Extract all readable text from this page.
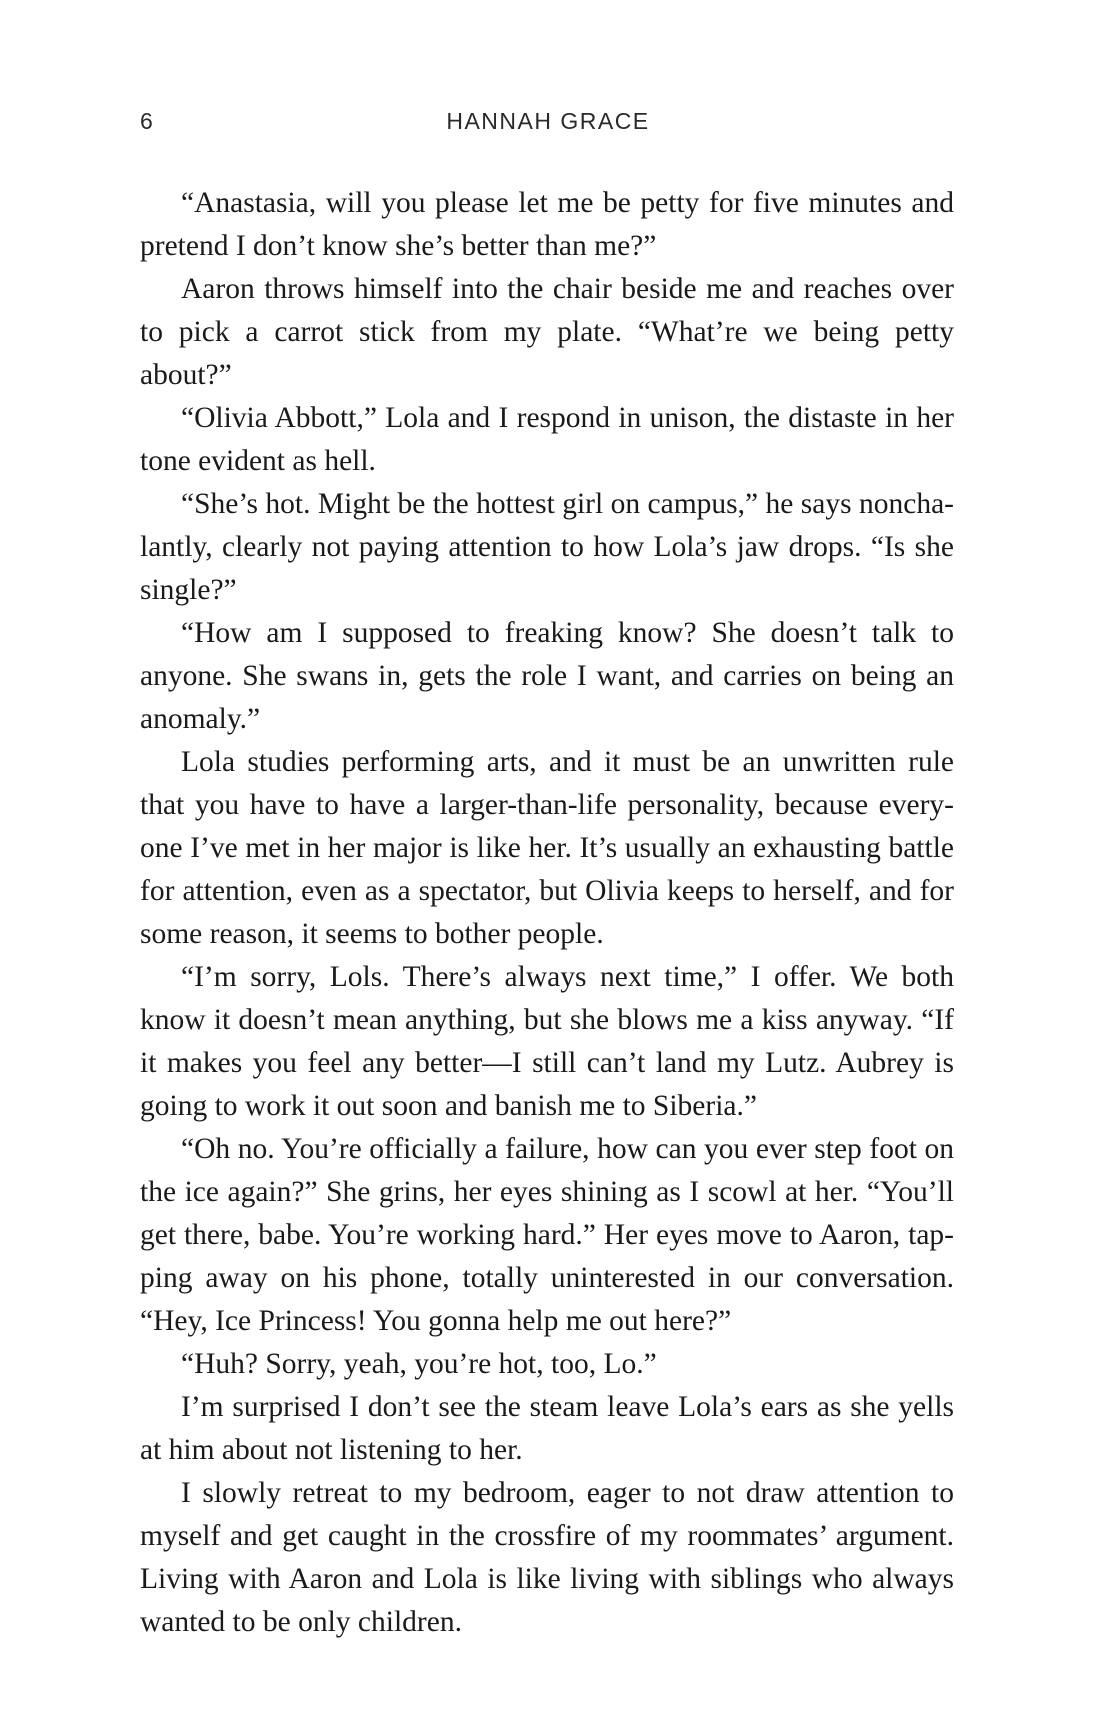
6	HANNAH GRACE

“Anastasia, will you please let me be petty for five minutes and pretend I don’t know she’s better than me?”

Aaron throws himself into the chair beside me and reaches over to pick a carrot stick from my plate. “What’re we being petty about?”

“Olivia Abbott,” Lola and I respond in unison, the distaste in her tone evident as hell.

“She’s hot. Might be the hottest girl on campus,” he says nonchalantly, clearly not paying attention to how Lola’s jaw drops. “Is she single?”

“How am I supposed to freaking know? She doesn’t talk to anyone. She swans in, gets the role I want, and carries on being an anomaly.”

Lola studies performing arts, and it must be an unwritten rule that you have to have a larger-than-life personality, because everyone I’ve met in her major is like her. It’s usually an exhausting battle for attention, even as a spectator, but Olivia keeps to herself, and for some reason, it seems to bother people.

“I’m sorry, Lols. There’s always next time,” I offer. We both know it doesn’t mean anything, but she blows me a kiss anyway. “If it makes you feel any better—I still can’t land my Lutz. Aubrey is going to work it out soon and banish me to Siberia.”

“Oh no. You’re officially a failure, how can you ever step foot on the ice again?” She grins, her eyes shining as I scowl at her. “You’ll get there, babe. You’re working hard.” Her eyes move to Aaron, tapping away on his phone, totally uninterested in our conversation. “Hey, Ice Princess! You gonna help me out here?”

“Huh? Sorry, yeah, you’re hot, too, Lo.”

I’m surprised I don’t see the steam leave Lola’s ears as she yells at him about not listening to her.

I slowly retreat to my bedroom, eager to not draw attention to myself and get caught in the crossfire of my roommates’ argument. Living with Aaron and Lola is like living with siblings who always wanted to be only children.
